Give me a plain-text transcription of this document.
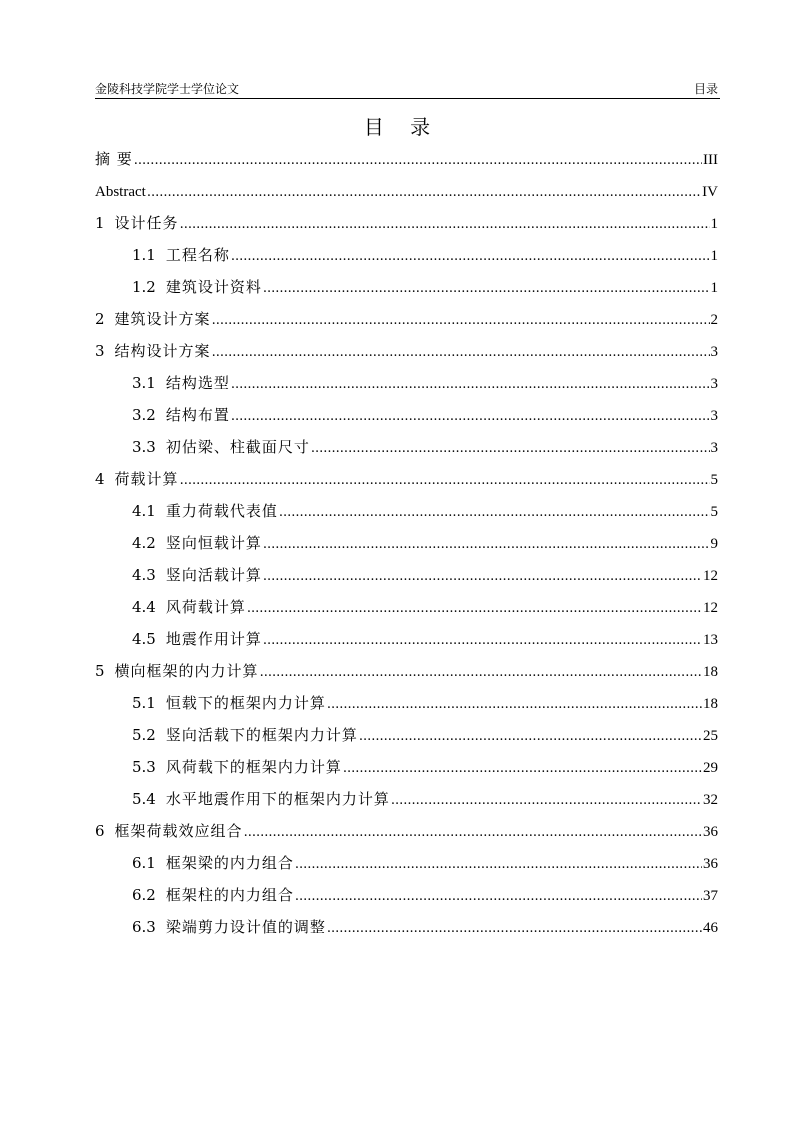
金陵科技学院学士学位论文	目录
目 录
摘 要 .....	III
Abstract .....	IV
1 设计任务 .....	1
1.1 工程名称 .....	1
1.2 建筑设计资料 .....	1
2 建筑设计方案 .....	2
3 结构设计方案 .....	3
3.1 结构选型 .....	3
3.2 结构布置 .....	3
3.3 初估梁、柱截面尺寸 .....	3
4 荷载计算 .....	5
4.1 重力荷载代表值 .....	5
4.2 竖向恒载计算 .....	9
4.3 竖向活载计算 .....	12
4.4 风荷载计算 .....	12
4.5 地震作用计算 .....	13
5 横向框架的内力计算 .....	18
5.1 恒载下的框架内力计算 .....	18
5.2 竖向活载下的框架内力计算 .....	25
5.3 风荷载下的框架内力计算 .....	29
5.4 水平地震作用下的框架内力计算 .....	32
6 框架荷载效应组合 .....	36
6.1 框架梁的内力组合 .....	36
6.2 框架柱的内力组合 .....	37
6.3 梁端剪力设计值的调整 .....	46
